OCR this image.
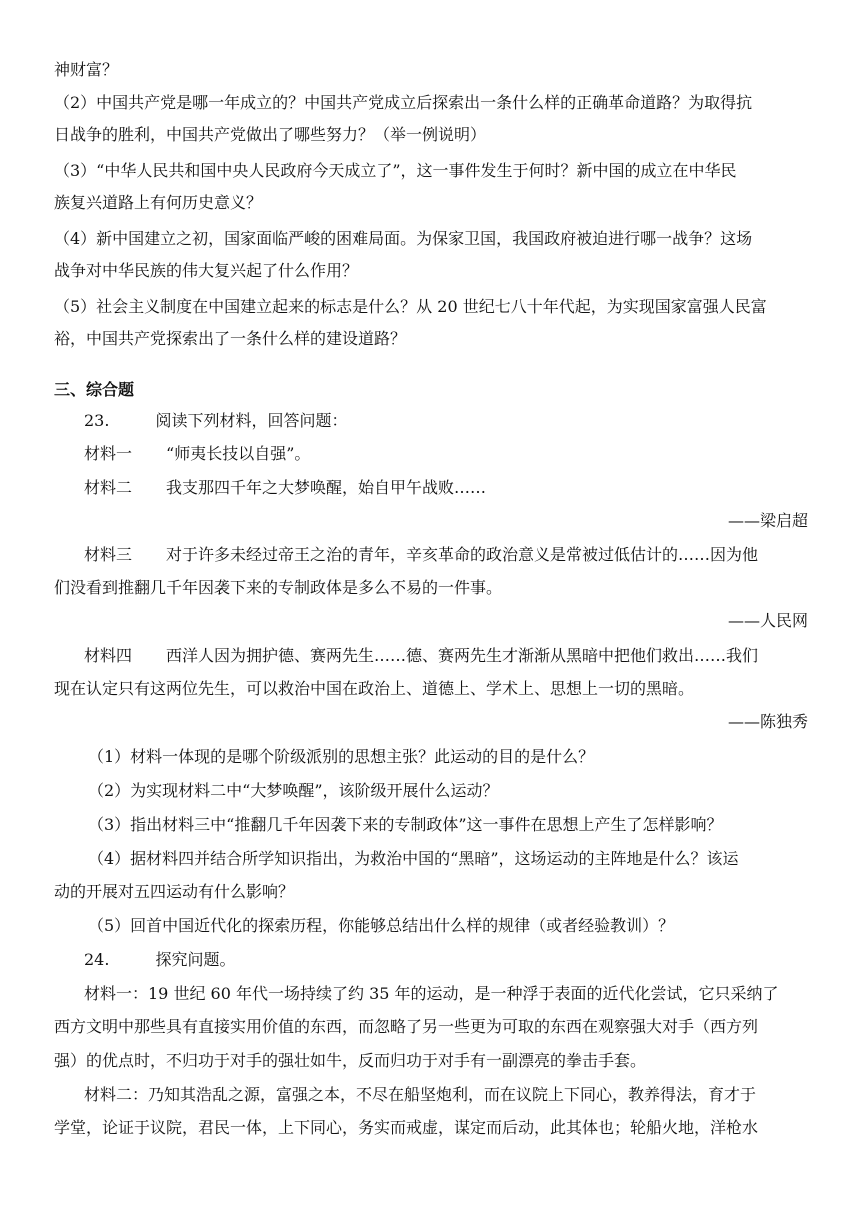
神财富？
（2）中国共产党是哪一年成立的？中国共产党成立后探索出一条什么样的正确革命道路？为取得抗
日战争的胜利，中国共产党做出了哪些努力？（举一例说明）
（3）“中华人民共和国中央人民政府今天成立了”，这一事件发生于何时？新中国的成立在中华民
族复兴道路上有何历史意义？
（4）新中国建立之初，国家面临严峻的困难局面。为保家卫国，我国政府被迫进行哪一战争？这场
战争对中华民族的伟大复兴起了什么作用？
（5）社会主义制度在中国建立起来的标志是什么？从 20 世纪七八十年代起，为实现国家富强人民富
裕，中国共产党探索出了一条什么样的建设道路？
三、综合题
23.	阅读下列材料，回答问题：
材料一 “师夷长技以自强”。
材料二 我支那四千年之大梦唤醒，始自甲午战败……
——梁启超
材料三 对于许多未经过帝王之治的青年，辛亥革命的政治意义是常被过低估计的……因为他
们没看到推翻几千年因袭下来的专制政体是多么不易的一件事。
——人民网
材料四 西洋人因为拥护德、赛两先生……德、赛两先生才渐渐从黑暗中把他们救出……我们
现在认定只有这两位先生，可以救治中国在政治上、道德上、学术上、思想上一切的黑暗。
——陈独秀
（1）材料一体现的是哪个阶级派别的思想主张？此运动的目的是什么？
（2）为实现材料二中“大梦唤醒”，该阶级开展什么运动？
（3）指出材料三中“推翻几千年因袭下来的专制政体”这一事件在思想上产生了怎样影响？
（4）据材料四并结合所学知识指出，为救治中国的“黑暗”，这场运动的主阵地是什么？该运
动的开展对五四运动有什么影响？
（5）回首中国近代化的探索历程，你能够总结出什么样的规律（或者经验教训）？
24.	探究问题。
材料一：19 世纪 60 年代一场持续了约 35 年的运动，是一种浮于表面的近代化尝试，它只采纳了
西方文明中那些具有直接实用价值的东西，而忽略了另一些更为可取的东西在观察强大对手（西方列
强）的优点时，不归功于对手的强壮如牛，反而归功于对手有一副漂亮的拳击手套。
材料二：乃知其浩乱之源，富强之本，不尽在船坚炮利，而在议院上下同心，教养得法，育才于
学堂，论证于议院，君民一体，上下同心，务实而戒虚，谋定而后动，此其体也；轮船火地，洋枪水
